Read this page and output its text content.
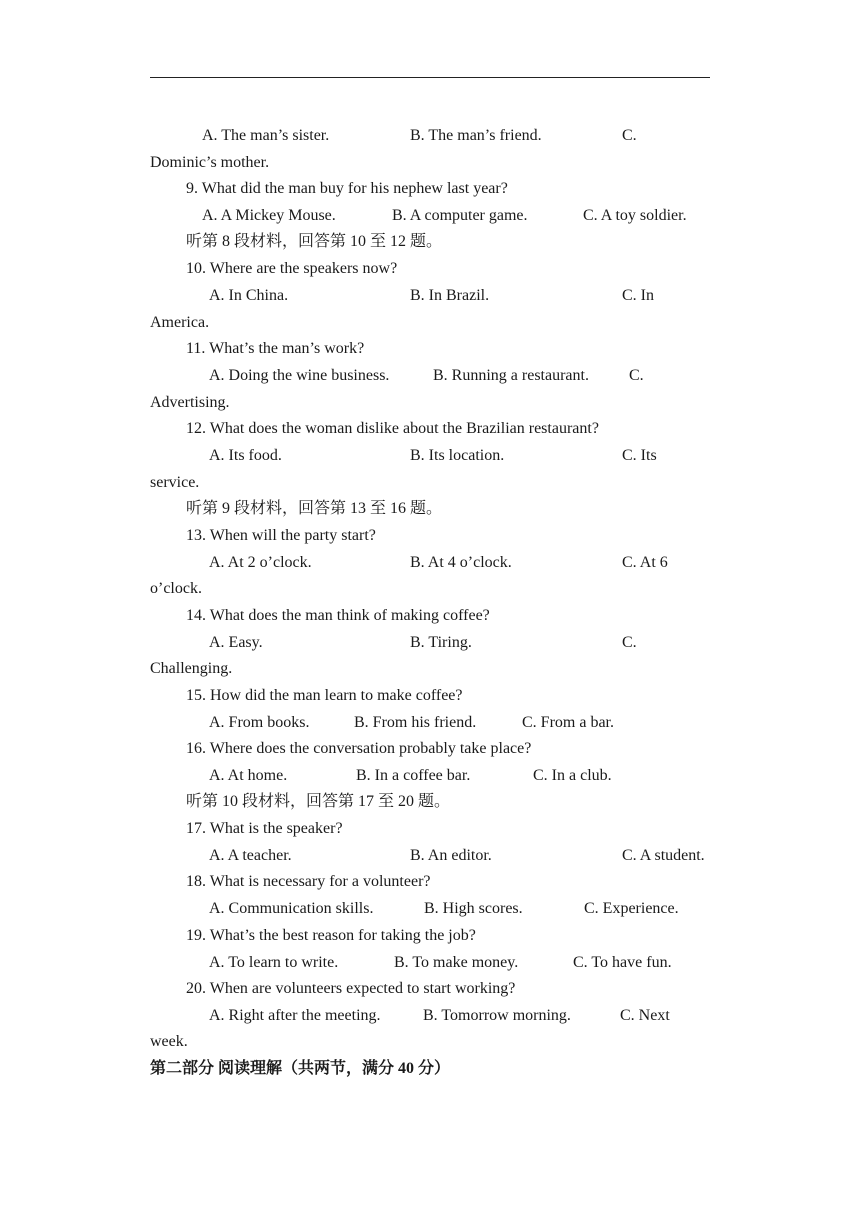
A. The man’s sister.	B. The man’s friend.	C.
Dominic’s mother.
9. What did the man buy for his nephew last year?
A. A Mickey Mouse.	B. A computer game.	C. A toy soldier.
听第 8 段材料，回答第 10 至 12 题。
10. Where are the speakers now?
A. In China.	B. In Brazil.	C. In
America.
11. What’s the man’s work?
A. Doing the wine business.	B. Running a restaurant.	C.
Advertising.
12. What does the woman dislike about the Brazilian restaurant?
A. Its food.	B. Its location.	C. Its
service.
听第 9 段材料，回答第 13 至 16 题。
13. When will the party start?
A. At 2 o’clock.	B. At 4 o’clock.	C. At 6
o’clock.
14. What does the man think of making coffee?
A. Easy.	B. Tiring.	C.
Challenging.
15. How did the man learn to make coffee?
A. From books.	B. From his friend.	C. From a bar.
16. Where does the conversation probably take place?
A. At home.	B. In a coffee bar.	C. In a club.
听第 10 段材料，回答第 17 至 20 题。
17. What is the speaker?
A. A teacher.	B. An editor.	C. A student.
18. What is necessary for a volunteer?
A. Communication skills.	B. High scores.	C. Experience.
19. What’s the best reason for taking the job?
A. To learn to write.	B. To make money.	C. To have fun.
20. When are volunteers expected to start working?
A. Right after the meeting.	B. Tomorrow morning.	C. Next
week.
第二部分 阅读理解（共两节，满分 40 分）
